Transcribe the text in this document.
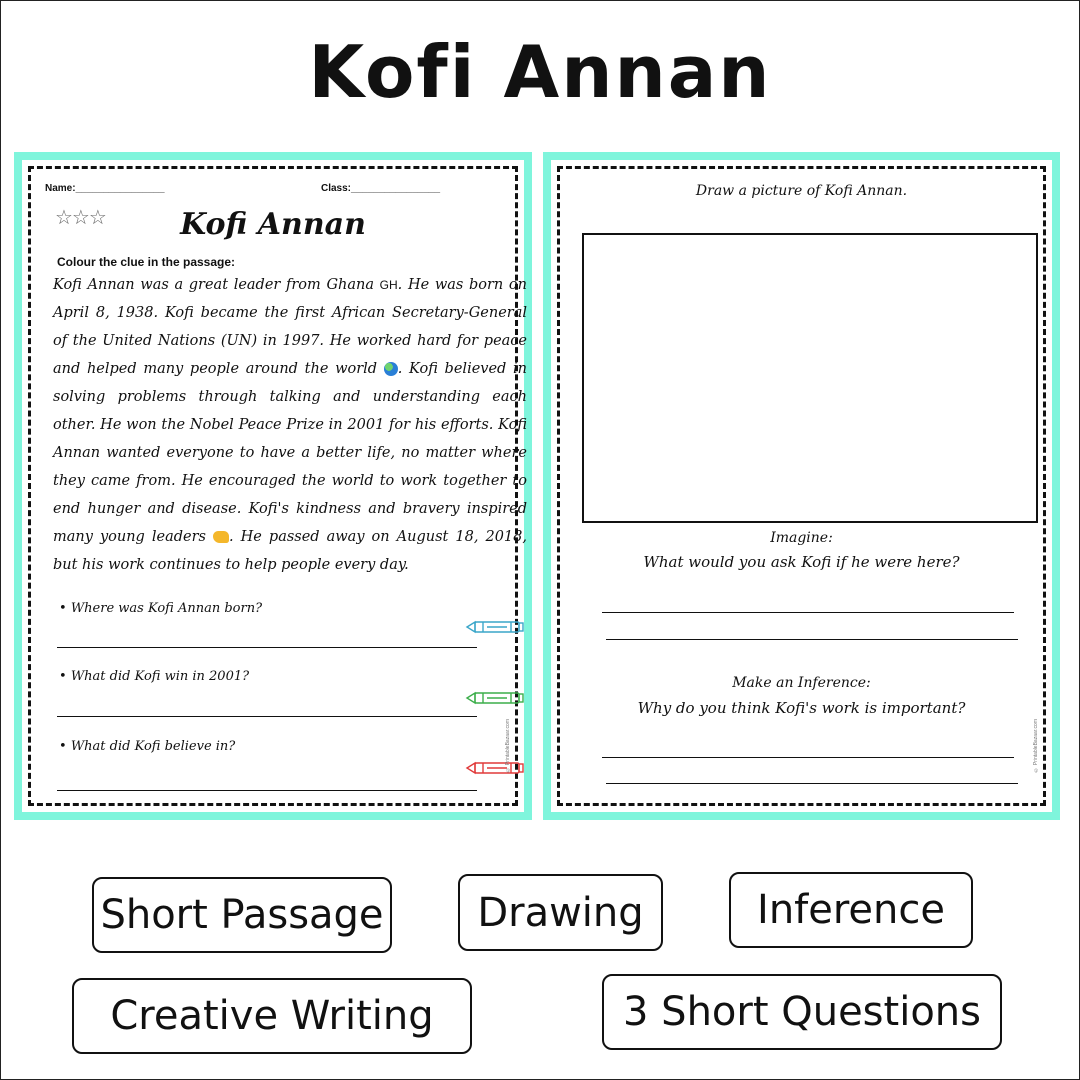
Kofi Annan
Name:________________	Class:________________
☆☆☆	Kofi Annan
Colour the clue in the passage:
Kofi Annan was a great leader from Ghana GH. He was born on April 8, 1938. Kofi became the first African Secretary-General of the United Nations (UN) in 1997. He worked hard for peace and helped many people around the world . Kofi believed in solving problems through talking and understanding each other. He won the Nobel Peace Prize in 2001 for his efforts. Kofi Annan wanted everyone to have a better life, no matter where they came from. He encouraged the world to work together to end hunger and disease. Kofi's kindness and bravery inspired many young leaders . He passed away on August 18, 2018, but his work continues to help people every day.
• Where was Kofi Annan born?
• What did Kofi win in 2001?
• What did Kofi believe in?	© PrintableBazaar.com
Draw a picture of Kofi Annan.
Imagine:
What would you ask Kofi if he were here?
Make an Inference:
Why do you think Kofi's work is important?
© PrintableBazaar.com
Short Passage	Drawing	Inference
Creative Writing	3 Short Questions
